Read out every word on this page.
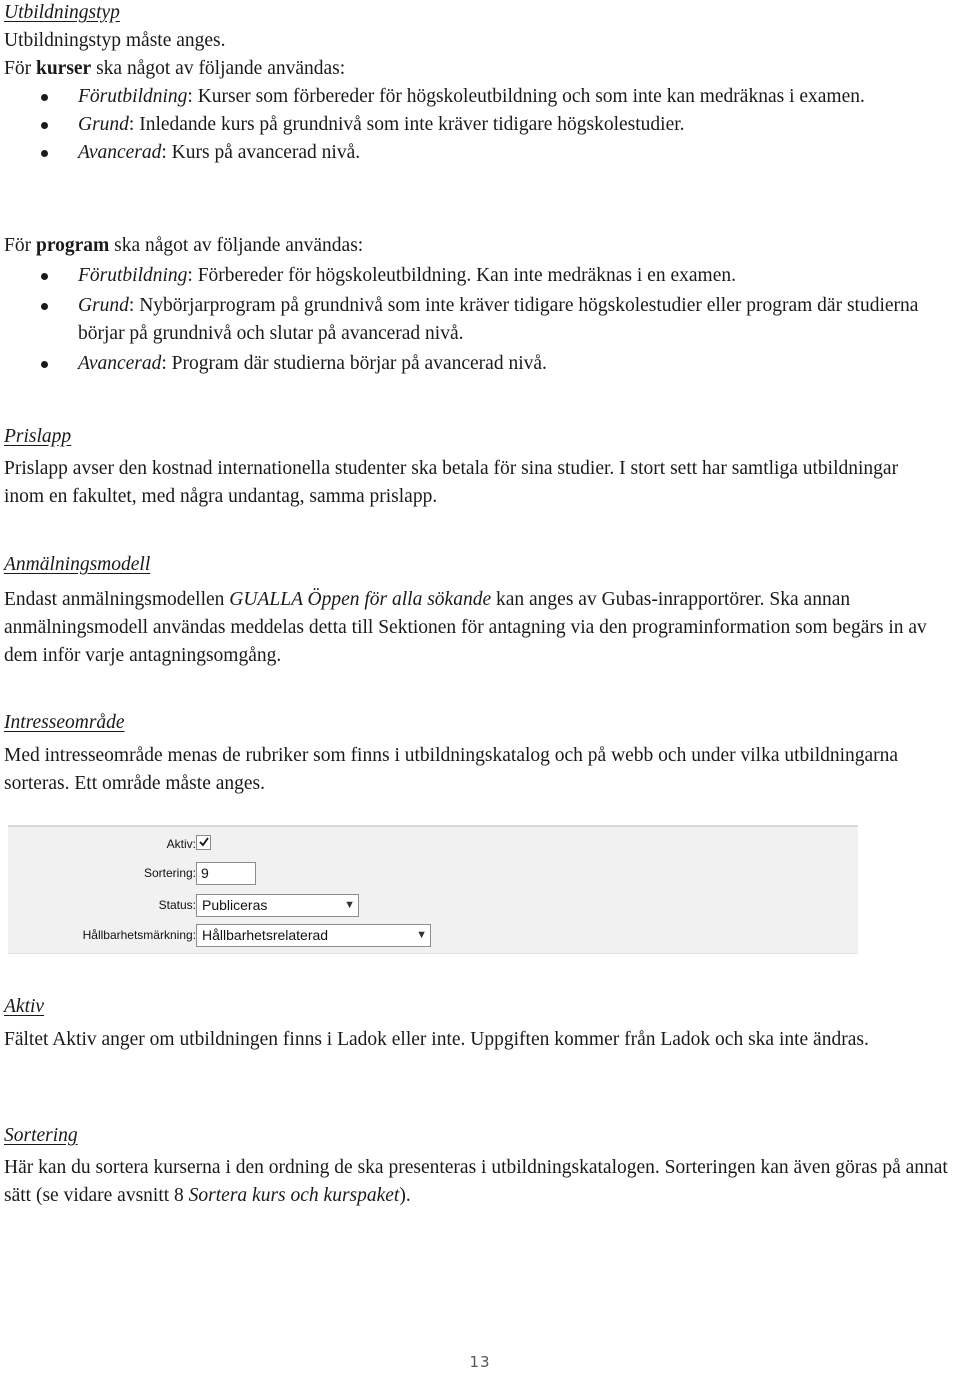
Utbildningstyp

Utbildningstyp måste anges.

För kurser ska något av följande användas:

Förutbildning: Kurser som förbereder för högskoleutbildning och som inte kan medräknas i examen.
Grund: Inledande kurs på grundnivå som inte kräver tidigare högskolestudier.
Avancerad: Kurs på avancerad nivå.

För program ska något av följande användas:

Förutbildning: Förbereder för högskoleutbildning. Kan inte medräknas i en examen.
Grund: Nybörjarprogram på grundnivå som inte kräver tidigare högskolestudier eller program där studierna börjar på grundnivå och slutar på avancerad nivå.
Avancerad: Program där studierna börjar på avancerad nivå.

Prislapp

Prislapp avser den kostnad internationella studenter ska betala för sina studier. I stort sett har samtliga utbildningar inom en fakultet, med några undantag, samma prislapp.

Anmälningsmodell

Endast anmälningsmodellen GUALLA Öppen för alla sökande kan anges av Gubas-inrapportörer. Ska annan anmälningsmodell användas meddelas detta till Sektionen för antagning via den programinformation som begärs in av dem inför varje antagningsomgång.

Intresseområde

Med intresseområde menas de rubriker som finns i utbildningskatalog och på webb och under vilka utbildningarna sorteras. Ett område måste anges.

Aktiv

Fältet Aktiv anger om utbildningen finns i Ladok eller inte. Uppgiften kommer från Ladok och ska inte ändras.

Sortering

Här kan du sortera kurserna i den ordning de ska presenteras i utbildningskatalogen. Sorteringen kan även göras på annat sätt (se vidare avsnitt 8 Sortera kurs och kurspaket).

Aktiv:
Sortering: 9
Status: Publiceras	▼
Hållbarhetsmärkning: Hållbarhetsrelaterad	▼
13
